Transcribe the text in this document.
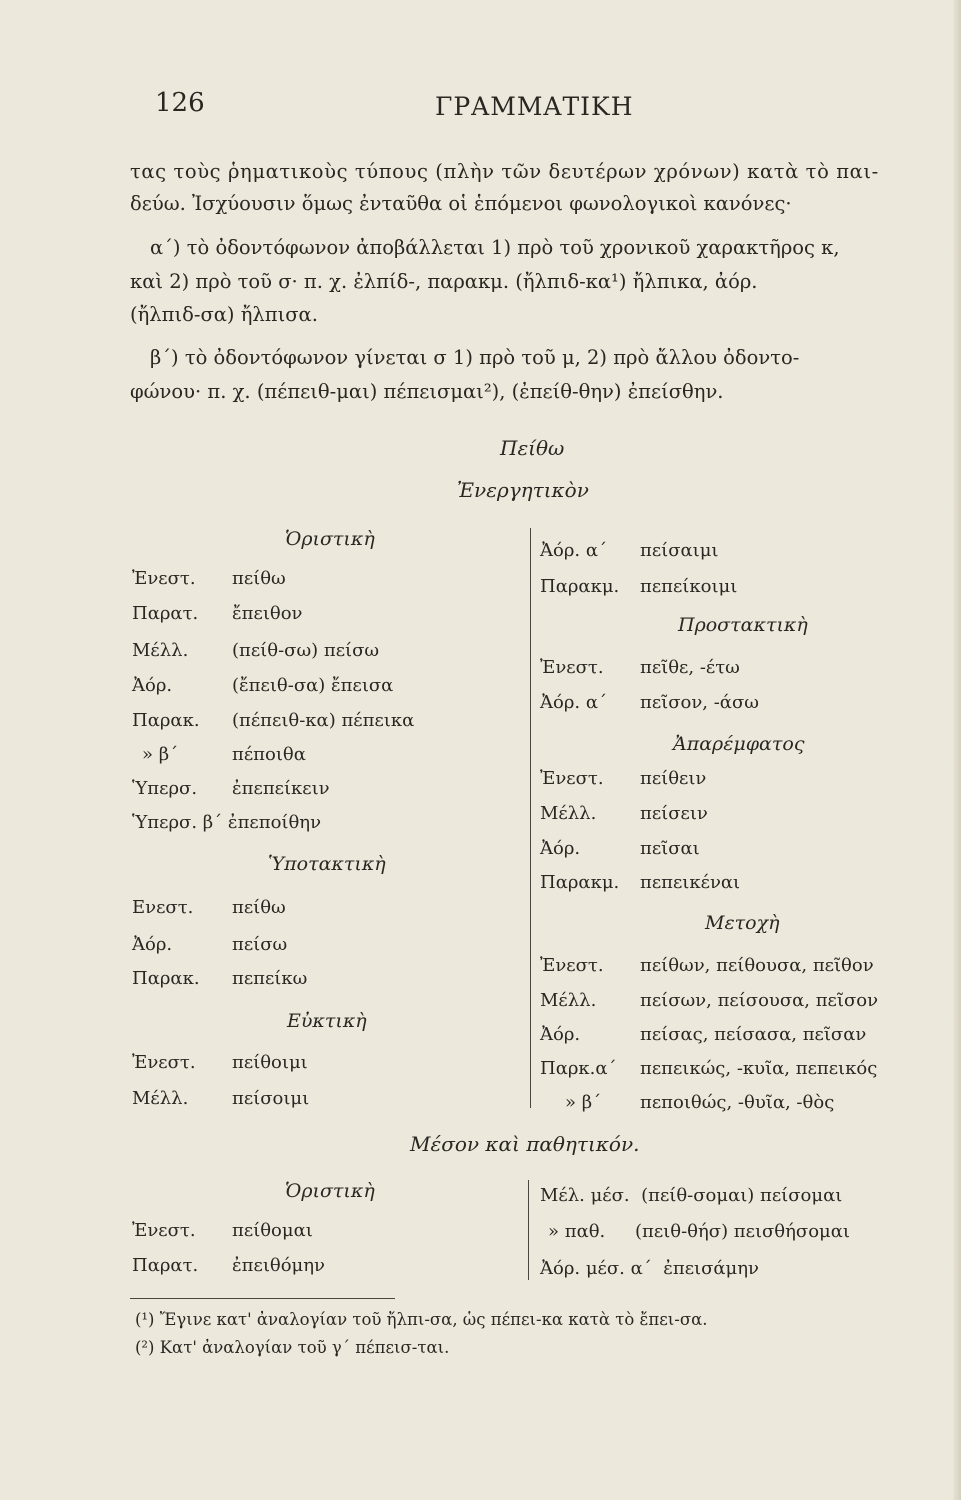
126	ΓΡΑΜΜΑΤΙΚΗ
τας τοὺς ῥηματικοὺς τύπους (πλὴν τῶν δευτέρων χρόνων) κατὰ τὸ παι-
δεύω. Ἰσχύουσιν ὅμως ἐνταῦθα οἱ ἑπόμενοι φωνολογικοὶ κανόνες·
α΄) τὸ ὀδοντόφωνον ἀποβάλλεται 1) πρὸ τοῦ χρονικοῦ χαρακτῆρος κ,
καὶ 2) πρὸ τοῦ σ· π. χ. ἐλπίδ-, παρακμ. (ἤλπιδ-κα¹) ἤλπικα, ἀόρ.
(ἤλπιδ-σα) ἤλπισα.
β΄) τὸ ὀδοντόφωνον γίνεται σ 1) πρὸ τοῦ μ, 2) πρὸ ἄλλου ὀδοντο-
φώνου· π. χ. (πέπειθ-μαι) πέπεισμαι²), (ἐπείθ-θην) ἐπείσθην.
Πείθω
Ἐνεργητικὸν
Ὁριστικὴ
Ἐνεστ. πείθω
Παρατ. ἔπειθον
Μέλλ. (πείθ-σω) πείσω
Ἀόρ.	(ἔπειθ-σα) ἔπεισα
Παρακ. (πέπειθ-κα) πέπεικα
» β΄	πέποιθα
Ὑπερσ. ἐπεπείκειν
Ὑπερσ. β΄ ἐπεποίθην
Ὑποτακτικὴ
Ενεστ. πείθω
Ἀόρ.	πείσω
Παρακ. πεπείκω
Εὐκτικὴ
Ἐνεστ. πείθοιμι
Μέλλ. πείσοιμι
Ἀόρ. α΄ πείσαιμι
Παρακμ. πεπείκοιμι
Προστακτικὴ
Ἐνεστ. πεῖθε, -έτω
Ἀόρ. α΄ πεῖσον, -άσω
Ἀπαρέμφατος
Ἐνεστ. πείθειν
Μέλλ. πείσειν
Ἀόρ.	πεῖσαι
Παρακμ. πεπεικέναι
Μετοχὴ
Ἐνεστ. πείθων, πείθουσα, πεῖθον
Μέλλ. πείσων, πείσουσα, πεῖσον
Ἀόρ.	πείσας, πείσασα, πεῖσαν
Παρκ.α΄ πεπεικώς, -κυῖα, πεπεικός
» β΄ πεποιθώς, -θυῖα, -θὸς
Μέσον καὶ παθητικόν.
Ὁριστικὴ
Ἐνεστ. πείθομαι
Παρατ. ἐπειθόμην
Μέλ. μέσ. (πείθ-σομαι) πείσομαι
» παθ. (πειθ-θήσ) πεισθήσομαι
Ἀόρ. μέσ. α΄ ἐπεισάμην
(¹) Ἔγινε κατ' ἀναλογίαν τοῦ ἤλπι-σα, ὡς πέπει-κα κατὰ τὸ ἔπει-σα.
(²) Κατ' ἀναλογίαν τοῦ γ΄ πέπεισ-ται.
